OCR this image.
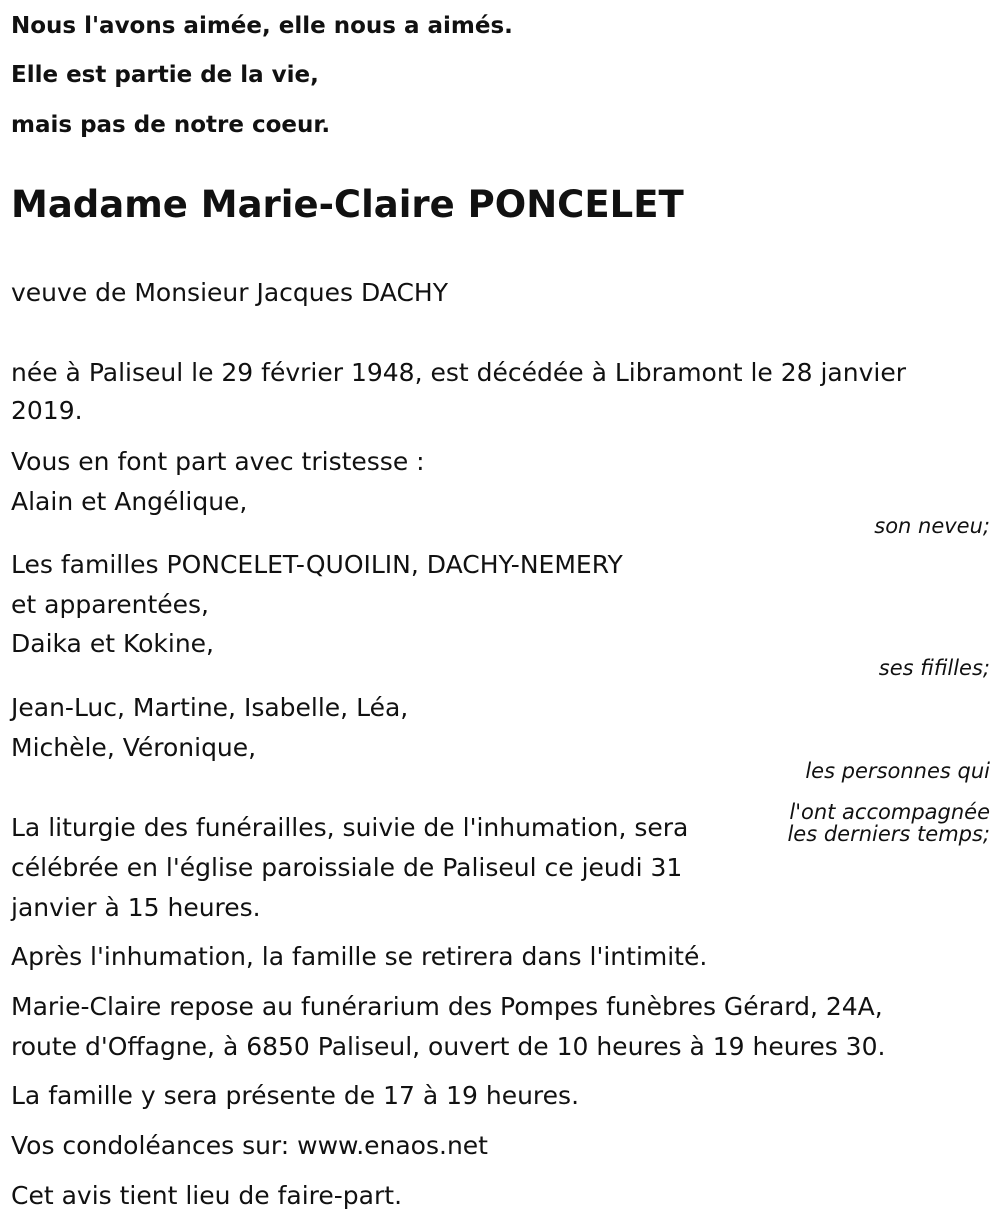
Nous l'avons aimée, elle nous a aimés.
Elle est partie de la vie,
mais pas de notre coeur.
Madame Marie-Claire PONCELET
veuve de Monsieur Jacques DACHY
née à Paliseul le 29 février 1948, est décédée à Libramont le 28 janvier
2019.
Vous en font part avec tristesse :
Alain et Angélique,
son neveu;
Les familles PONCELET-QUOILIN, DACHY-NEMERY
et apparentées,
Daika et Kokine,
ses fifilles;
Jean-Luc, Martine, Isabelle, Léa,
Michèle, Véronique,
les personnes qui
l'ont accompagnée
les derniers temps;
La liturgie des funérailles, suivie de l'inhumation, sera
célébrée en l'église paroissiale de Paliseul ce jeudi 31
janvier à 15 heures.
Après l'inhumation, la famille se retirera dans l'intimité.
Marie-Claire repose au funérarium des Pompes funèbres Gérard, 24A,
route d'Offagne, à 6850 Paliseul, ouvert de 10 heures à 19 heures 30.
La famille y sera présente de 17 à 19 heures.
Vos condoléances sur: www.enaos.net
Cet avis tient lieu de faire-part.
